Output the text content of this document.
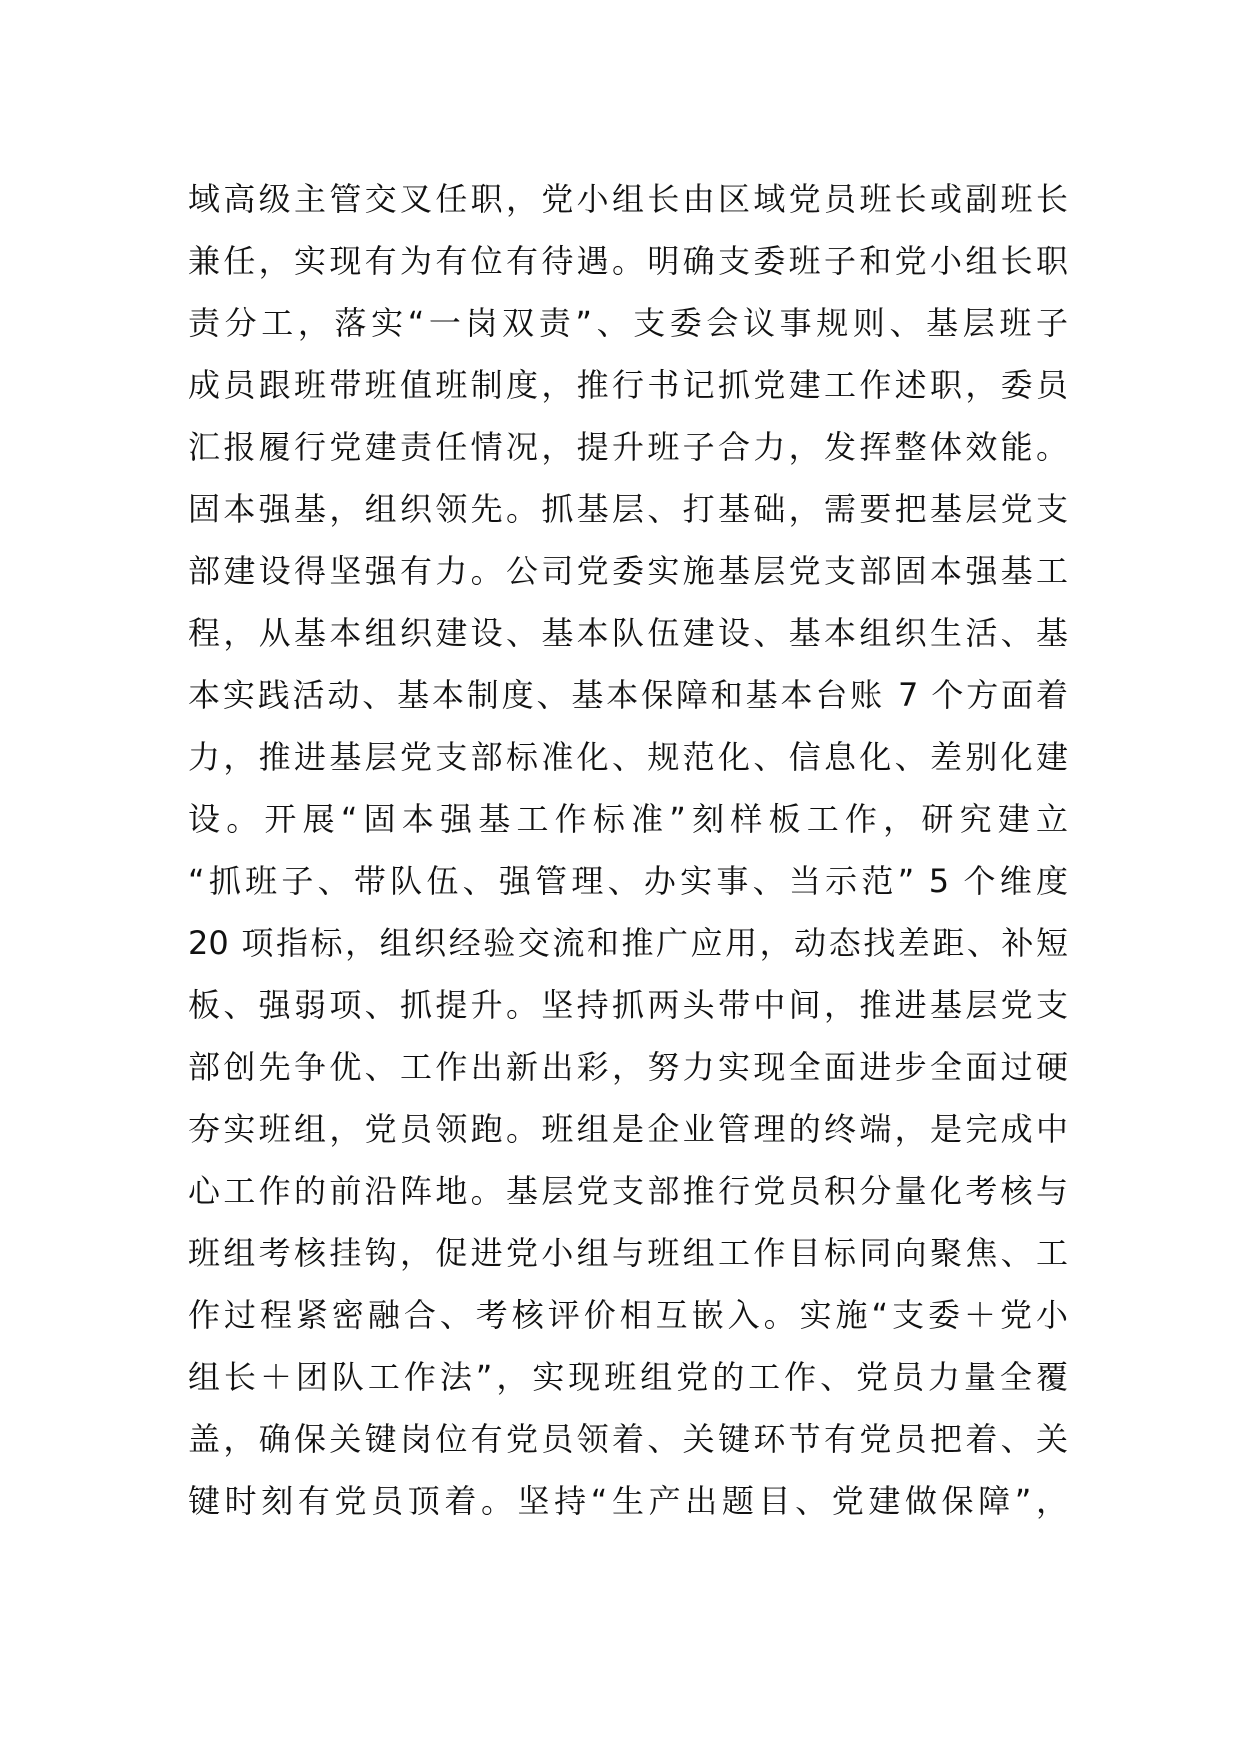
域高级主管交叉任职，党小组长由区域党员班长或副班长
兼任，实现有为有位有待遇。明确支委班子和党小组长职
责分工，落实“一岗双责”、支委会议事规则、基层班子
成员跟班带班值班制度，推行书记抓党建工作述职，委员
汇报履行党建责任情况，提升班子合力，发挥整体效能。
固本强基，组织领先。抓基层、打基础，需要把基层党支
部建设得坚强有力。公司党委实施基层党支部固本强基工
程，从基本组织建设、基本队伍建设、基本组织生活、基
本实践活动、基本制度、基本保障和基本台账 7 个方面着
力，推进基层党支部标准化、规范化、信息化、差别化建
设。开展“固本强基工作标准”刻样板工作，研究建立
“抓班子、带队伍、强管理、办实事、当示范” 5 个维度
20 项指标，组织经验交流和推广应用，动态找差距、补短
板、强弱项、抓提升。坚持抓两头带中间，推进基层党支
部创先争优、工作出新出彩，努力实现全面进步全面过硬
夯实班组，党员领跑。班组是企业管理的终端，是完成中
心工作的前沿阵地。基层党支部推行党员积分量化考核与
班组考核挂钩，促进党小组与班组工作目标同向聚焦、工
作过程紧密融合、考核评价相互嵌入。实施“支委＋党小
组长＋团队工作法”，实现班组党的工作、党员力量全覆
盖，确保关键岗位有党员领着、关键环节有党员把着、关
键时刻有党员顶着。坚持“生产出题目、党建做保障”，
